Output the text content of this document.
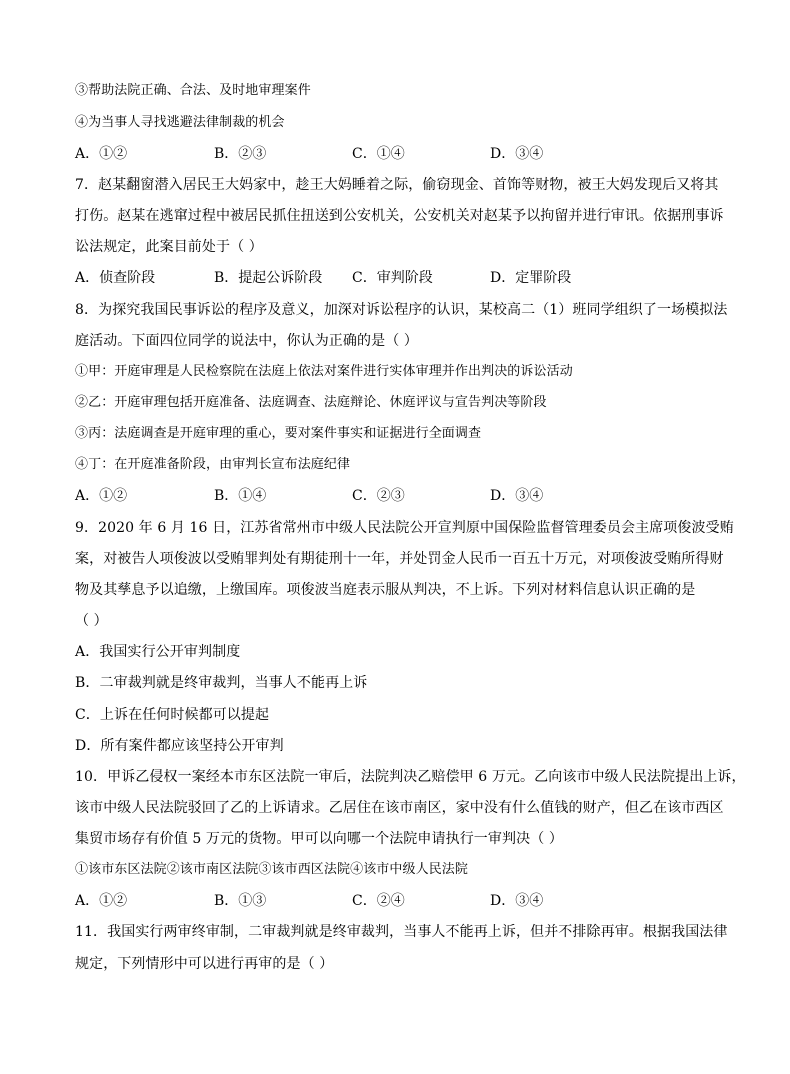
③帮助法院正确、合法、及时地审理案件
④为当事人寻找逃避法律制裁的机会
A．①②	B．②③	C．①④	D．③④
7．赵某翻窗潜入居民王大妈家中，趁王大妈睡着之际，偷窃现金、首饰等财物，被王大妈发现后又将其
打伤。赵某在逃窜过程中被居民抓住扭送到公安机关，公安机关对赵某予以拘留并进行审讯。依据刑事诉
讼法规定，此案目前处于（ ）
A．侦查阶段	B．提起公诉阶段 C．审判阶段	D．定罪阶段
8．为探究我国民事诉讼的程序及意义，加深对诉讼程序的认识，某校高二（1）班同学组织了一场模拟法
庭活动。下面四位同学的说法中，你认为正确的是（ ）
①甲：开庭审理是人民检察院在法庭上依法对案件进行实体审理并作出判决的诉讼活动
②乙：开庭审理包括开庭准备、法庭调查、法庭辩论、休庭评议与宣告判决等阶段
③丙：法庭调查是开庭审理的重心，要对案件事实和证据进行全面调查
④丁：在开庭准备阶段，由审判长宣布法庭纪律
A．①②	B．①④	C．②③	D．③④
9．2020 年 6 月 16 日，江苏省常州市中级人民法院公开宣判原中国保险监督管理委员会主席项俊波受贿
案，对被告人项俊波以受贿罪判处有期徒刑十一年，并处罚金人民币一百五十万元，对项俊波受贿所得财
物及其孳息予以追缴，上缴国库。项俊波当庭表示服从判决，不上诉。下列对材料信息认识正确的是
（ ）
A．我国实行公开审判制度
B．二审裁判就是终审裁判，当事人不能再上诉
C．上诉在任何时候都可以提起
D．所有案件都应该坚持公开审判
10．甲诉乙侵权一案经本市东区法院一审后，法院判决乙赔偿甲 6 万元。乙向该市中级人民法院提出上诉，
该市中级人民法院驳回了乙的上诉请求。乙居住在该市南区，家中没有什么值钱的财产，但乙在该市西区
集贸市场存有价值 5 万元的货物。甲可以向哪一个法院申请执行一审判决（ ）
①该市东区法院②该市南区法院③该市西区法院④该市中级人民法院
A．①②	B．①③	C．②④	D．③④
11．我国实行两审终审制，二审裁判就是终审裁判，当事人不能再上诉，但并不排除再审。根据我国法律
规定，下列情形中可以进行再审的是（ ）
